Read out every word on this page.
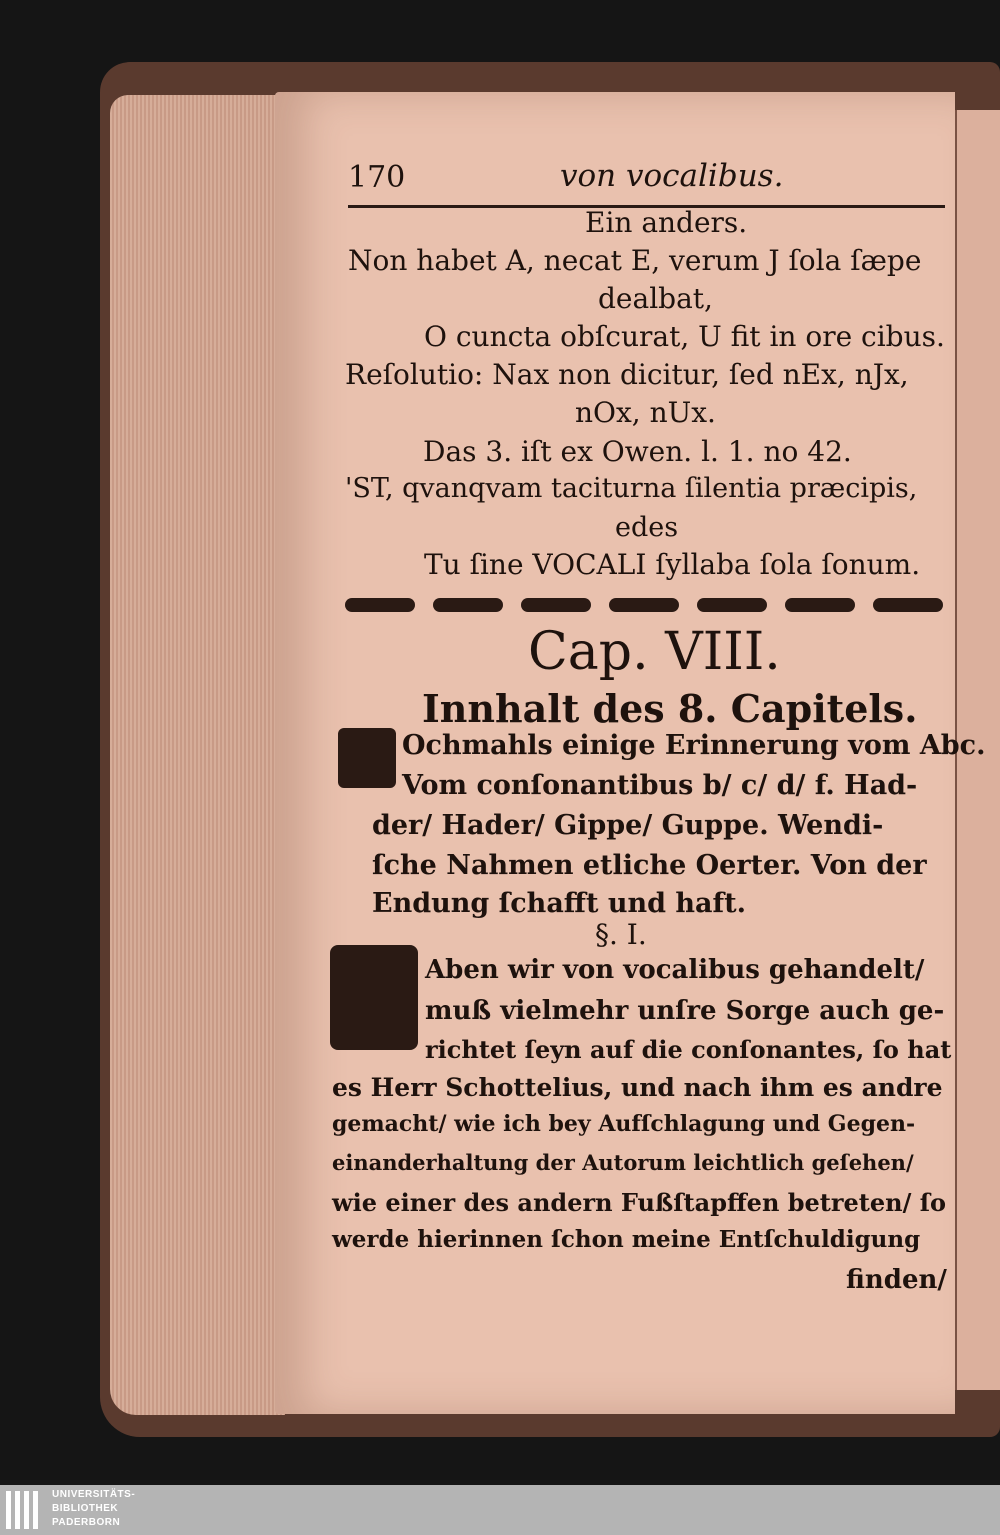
170	von vocalibus.
Ein anders.
Non habet A, necat E, verum J ſola ſæpe
dealbat,
O cuncta obſcurat, U fit in ore cibus.
Reſolutio: Nax non dicitur, ſed nEx, nJx,
nOx, nUx.
Das 3. iſt ex Owen. l. 1. no 42.
'ST, qvanqvam taciturna ſilentia præcipis,
edes
Tu ſine VOCALI ſyllaba ſola ſonum.
Cap. VIII.
Innhalt des 8. Capitels.
Ochmahls einige Erinnerung vom Abc.
Vom conſonantibus b/ c/ d/ f. Had-
der/ Hader/ Gippe/ Guppe. Wendi-
ſche Nahmen etliche Oerter. Von der
Endung ſchafft und haft.
§. I.
Aben wir von vocalibus gehandelt/
muß vielmehr unſre Sorge auch ge-
richtet ſeyn auf die conſonantes, ſo hat
es Herr Schottelius, und nach ihm es andre
gemacht/ wie ich bey Aufſchlagung und Gegen-
einanderhaltung der Autorum leichtlich geſehen/
wie einer des andern Fußſtapffen betreten/ ſo
werde hierinnen ſchon meine Entſchuldigung
finden/
UNIVERSITÄTS-
BIBLIOTHEK
PADERBORN
